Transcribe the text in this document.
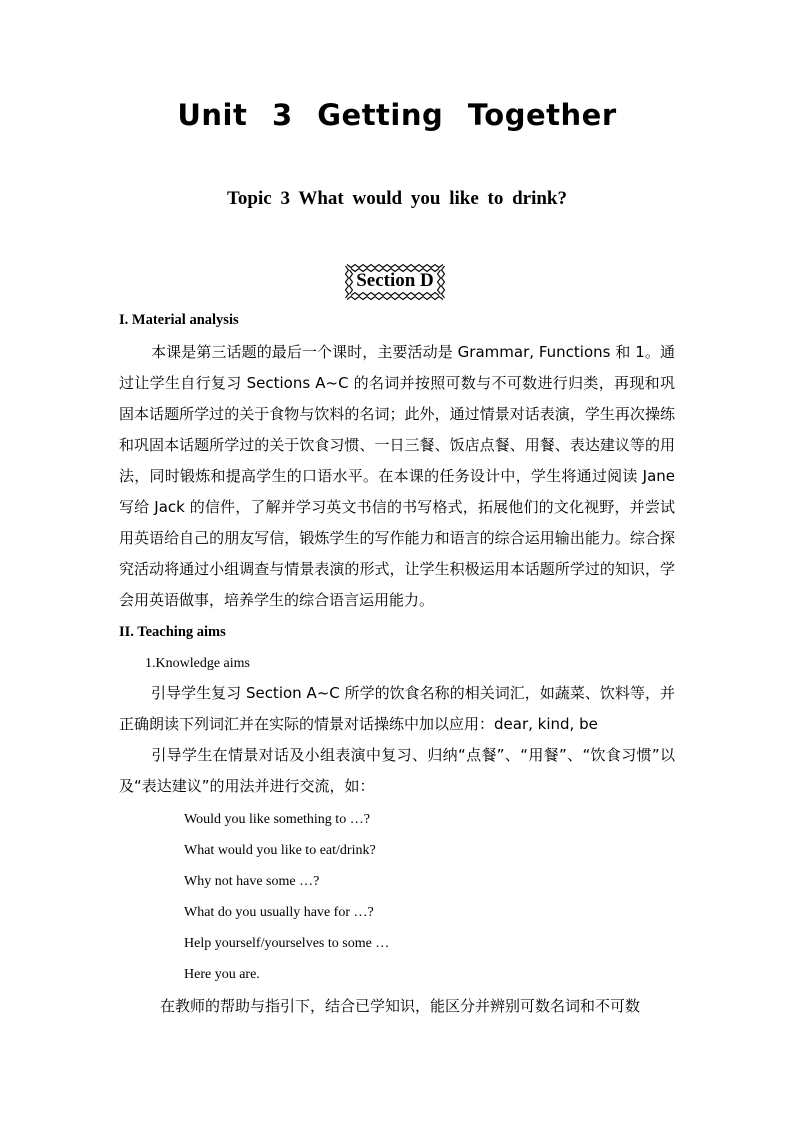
Unit 3 Getting Together
Topic 3 What would you like to drink?
Section D
I. Material analysis
本课是第三话题的最后一个课时，主要活动是 Grammar, Functions 和 1。通过让学生自行复习 Sections A~C 的名词并按照可数与不可数进行归类，再现和巩固本话题所学过的关于食物与饮料的名词；此外，通过情景对话表演，学生再次操练和巩固本话题所学过的关于饮食习惯、一日三餐、饭店点餐、用餐、表达建议等的用法，同时锻炼和提高学生的口语水平。在本课的任务设计中，学生将通过阅读 Jane 写给 Jack 的信件，了解并学习英文书信的书写格式，拓展他们的文化视野，并尝试用英语给自己的朋友写信，锻炼学生的写作能力和语言的综合运用输出能力。综合探究活动将通过小组调查与情景表演的形式，让学生积极运用本话题所学过的知识，学会用英语做事，培养学生的综合语言运用能力。
II. Teaching aims
1.Knowledge aims
引导学生复习 Section A~C 所学的饮食名称的相关词汇，如蔬菜、饮料等，并正确朗读下列词汇并在实际的情景对话操练中加以应用：dear, kind, be
引导学生在情景对话及小组表演中复习、归纳“点餐”、“用餐”、“饮食习惯”以及“表达建议”的用法并进行交流，如：
Would you like something to …?
What would you like to eat/drink?
Why not have some …?
What do you usually have for …?
Help yourself/yourselves to some …
Here you are.
在教师的帮助与指引下，结合已学知识，能区分并辨别可数名词和不可数
